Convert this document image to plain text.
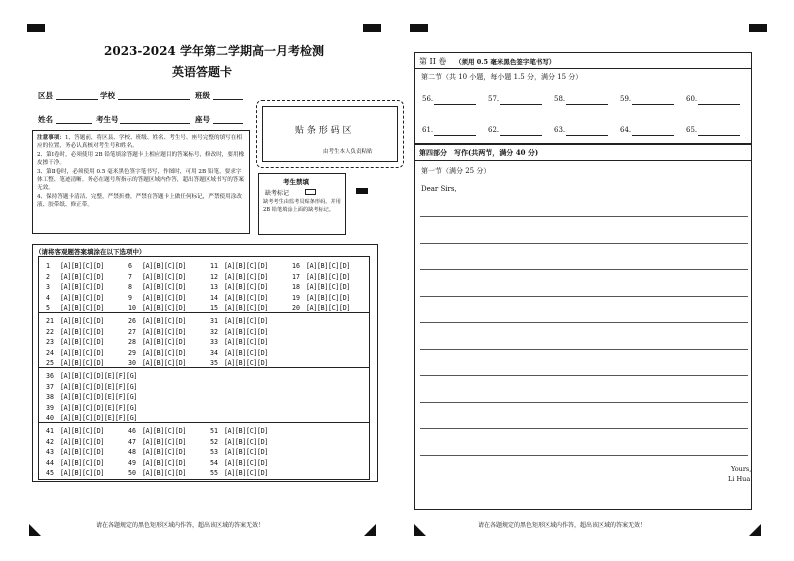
2023-2024 学年第二学期高一月考检测
英语答题卡
区县	学校	班级
姓名	考生号	座号
贴 条 形 码 区
由考生本人负责粘贴

注意事项：1、答题前，将区县、学校、班级、姓名、考生号、座号完整的填写在相应的位置，务必认真核对考生号和姓名。

2、第Ⅰ卷时，必须使用 2B 铅笔填涂答题卡上相应题目的答案标号，修改时，要用橡皮擦干净。

3、第Ⅱ卷时，必须使用 0.5 毫米黑色签字笔书写，作图时，可用 2B 铅笔，要求字体工整、笔迹清晰。务必在题号所指示的答题区域内作答，超出答题区域书写的答案无效。

4、保持答题卡清洁、完整，严禁折叠，严禁在答题卡上做任何标记，严禁使用涂改液、胶带纸、修正带。

考生禁填
缺考标记
缺考考生由监考员贴条形码，并用 2B 铅笔填涂上面的缺考标记。
（请将客观题答案填涂在以下选项中）
1 [A][B][C][D]
2 [A][B][C][D]
3 [A][B][C][D]
4 [A][B][C][D]
5 [A][B][C][D]
6 [A][B][C][D]
7 [A][B][C][D]
8 [A][B][C][D]
9 [A][B][C][D]
10 [A][B][C][D]
11 [A][B][C][D]
12 [A][B][C][D]
13 [A][B][C][D]
14 [A][B][C][D]
15 [A][B][C][D]
16 [A][B][C][D]
17 [A][B][C][D]
18 [A][B][C][D]
19 [A][B][C][D]
20 [A][B][C][D]
21 [A][B][C][D]
22 [A][B][C][D]
23 [A][B][C][D]
24 [A][B][C][D]
25 [A][B][C][D]
26 [A][B][C][D]
27 [A][B][C][D]
28 [A][B][C][D]
29 [A][B][C][D]
30 [A][B][C][D]
31 [A][B][C][D]
32 [A][B][C][D]
33 [A][B][C][D]
34 [A][B][C][D]
35 [A][B][C][D]
36 [A][B][C][D][E][F][G]
37 [A][B][C][D][E][F][G]
38 [A][B][C][D][E][F][G]
39 [A][B][C][D][E][F][G]
40 [A][B][C][D][E][F][G]
41 [A][B][C][D]
42 [A][B][C][D]
43 [A][B][C][D]
44 [A][B][C][D]
45 [A][B][C][D]
46 [A][B][C][D]
47 [A][B][C][D]
48 [A][B][C][D]
49 [A][B][C][D]
50 [A][B][C][D]
51 [A][B][C][D]
52 [A][B][C][D]
53 [A][B][C][D]
54 [A][B][C][D]
55 [A][B][C][D]
第 II 卷 （须用 0.5 毫米黑色签字笔书写）
第二节（共 10 小题，每小题 1.5 分，满分 15 分）
56.	57.	58.	59.	60.
61.	62.	63.	64.	65.
第四部分　写作(共两节，满分 40 分)
第一节（满分 25 分）
Dear Sirs,
Yours,
Li Hua
请在各题规定的黑色矩形区域内作答，超出该区域的答案无效！	请在各题规定的黑色矩形区域内作答，超出该区域的答案无效！
